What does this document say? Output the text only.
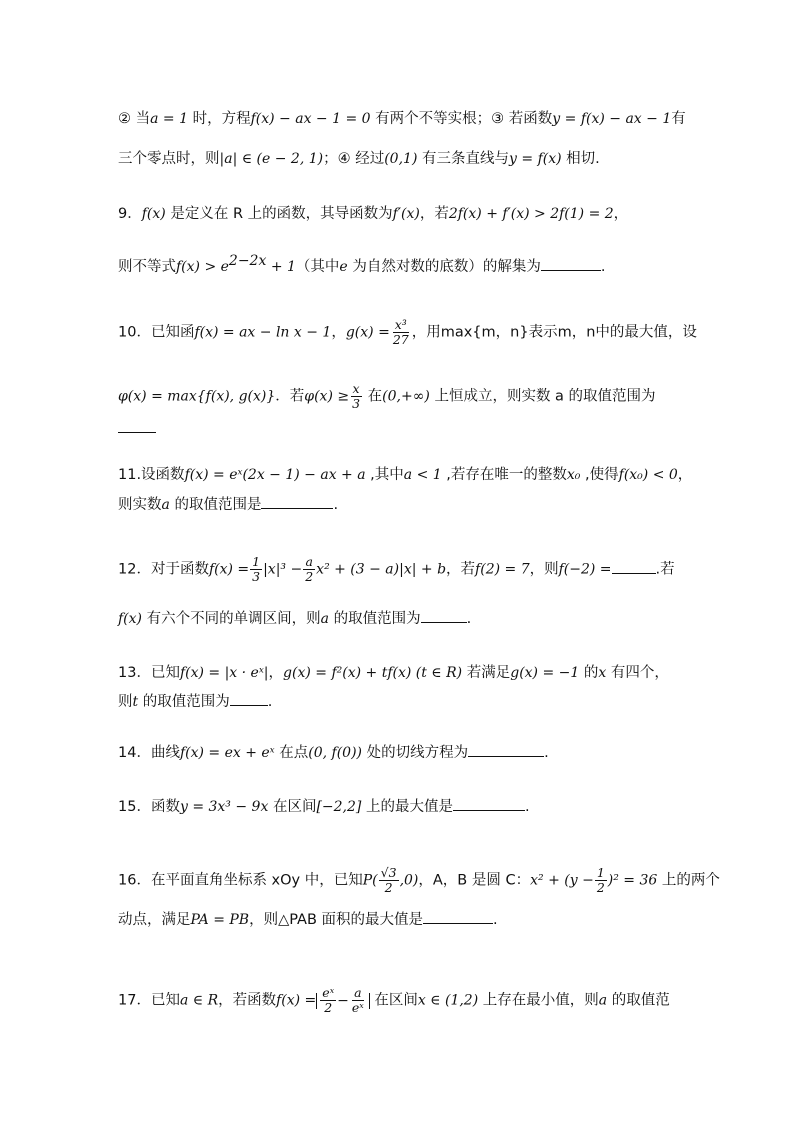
② 当a = 1 时，方程f(x) − ax − 1 = 0 有两个不等实根；③ 若函数y = f(x) − ax − 1有
三个零点时，则|a| ∈ (e − 2, 1)；④ 经过(0,1) 有三条直线与y = f(x) 相切.
9．f(x) 是定义在 R 上的函数，其导函数为f′(x)，若2f(x) + f′(x) > 2f(1) = 2，
则不等式$f(x) > e^{2-2x} + 1$（其中e 为自然对数的底数）的解集为	.
10．已知函f(x) = ax − ln x − 1，$g(x) = \frac{\text{x³}}{27}$ ，用max{m，n}表示m，n中的最大值，设
φ(x) = max{f(x), g(x)}．若$\varphi(x) \ge \frac{x}{3}$ 在(0,+∞) 上恒成立，则实数 a 的取值范围为
11.设函数f(x) = eˣ(2x − 1) − ax + a ,其中a < 1 ,若存在唯一的整数x₀ ,使得f(x₀) < 0，
则实数a 的取值范围是	.
12．对于函数$f(x) = \frac{1}{3} |x|^3 - \frac{a}{2} x^2 + (3 - a)|x| + b$，若f(2) = 7，则f(−2) =	.若
f(x) 有六个不同的单调区间，则a 的取值范围为	.
13．已知f(x) = |x · eˣ|，g(x) = f²(x) + tf(x) (t ∈ R) 若满足g(x) = −1 的x 有四个，
则t 的取值范围为	.
14．曲线f(x) = ex + eˣ 在点(0, f(0)) 处的切线方程为	.
15．函数y = 3x³ − 9x 在区间[−2,2] 上的最大值是	.
16．在平面直角坐标系 xOy 中，已知$P( \frac{√3}{2} ,0)$，A，B 是圆 C：$x^2 + (y - \frac{1}{2} )^2 = 36$ 上的两个
动点，满足PA = PB，则△PAB 面积的最大值是	.
17．已知a ∈ R，若函数$f(x) = \frac{\text{eˣ}}{2} - \frac{a}{\text{eˣ}}$ 在区间x ∈ (1,2) 上存在最小值，则a 的取值范
